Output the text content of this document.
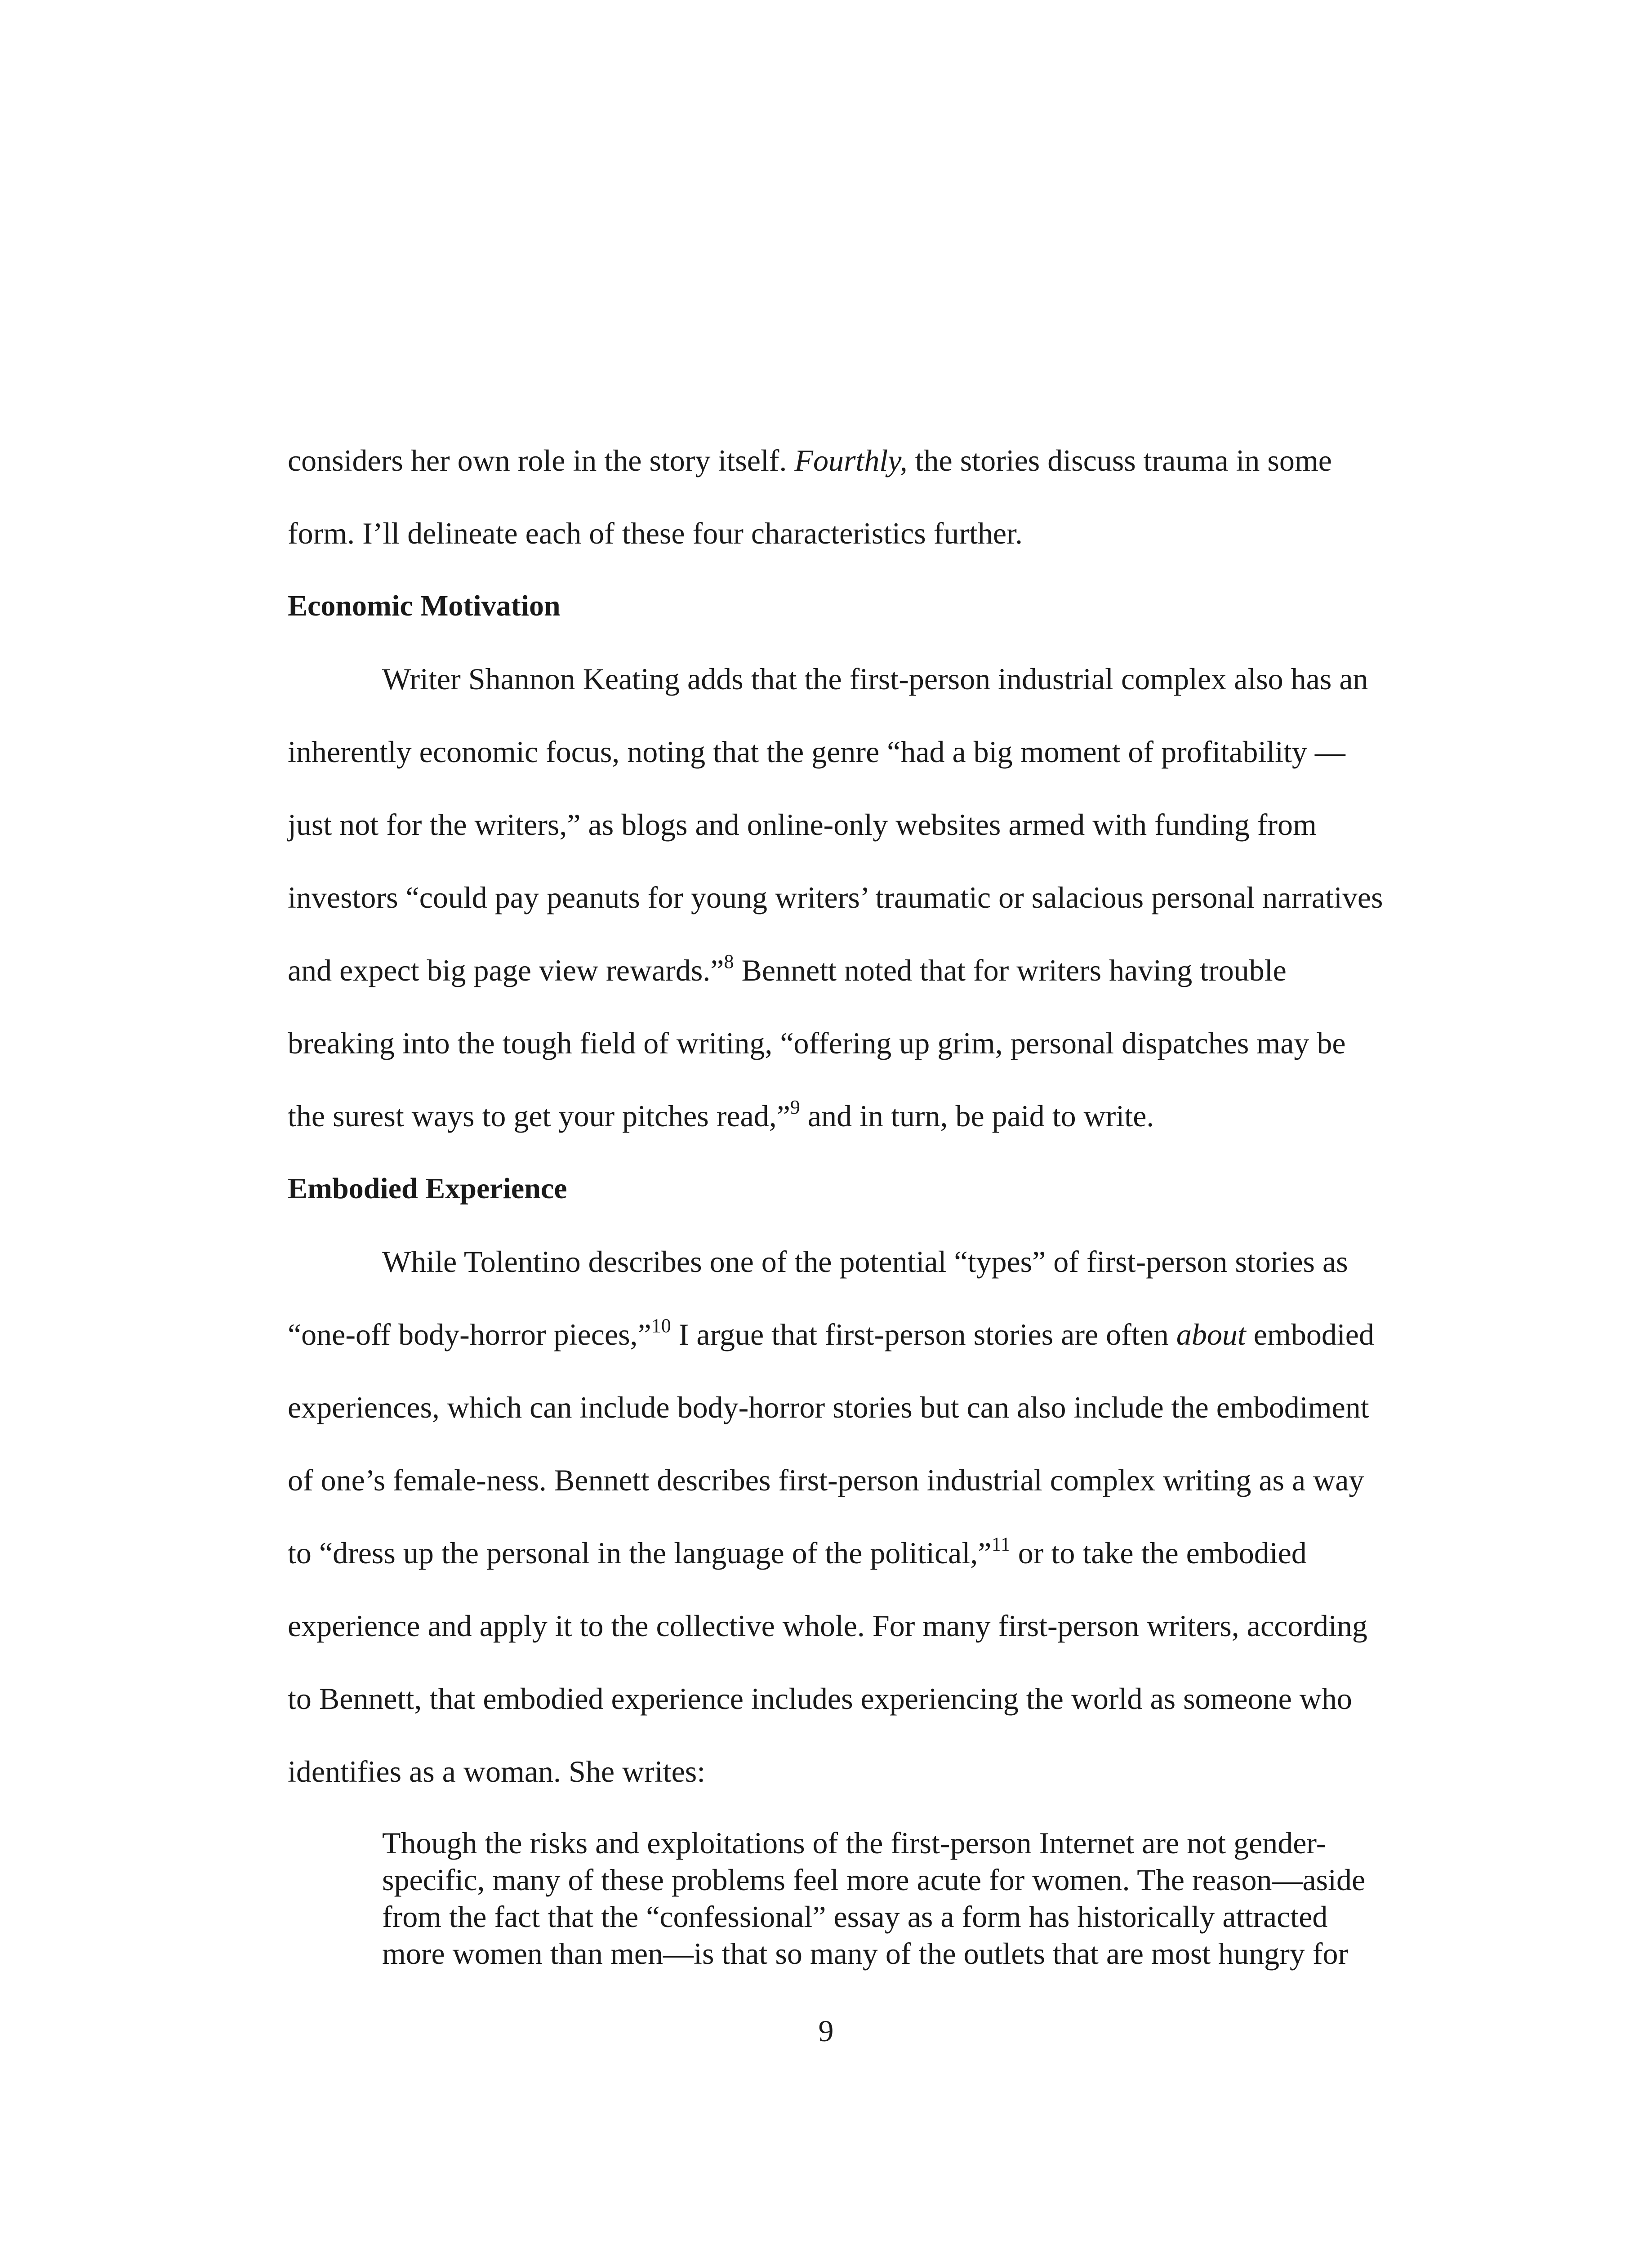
considers her own role in the story itself. Fourthly, the stories discuss trauma in some
form. I’ll delineate each of these four characteristics further.
Economic Motivation
Writer Shannon Keating adds that the first-person industrial complex also has an
inherently economic focus, noting that the genre “had a big moment of profitability —
just not for the writers,” as blogs and online-only websites armed with funding from
investors “could pay peanuts for young writers’ traumatic or salacious personal narratives
and expect big page view rewards.”$^8$ Bennett noted that for writers having trouble
breaking into the tough field of writing, “offering up grim, personal dispatches may be
the surest ways to get your pitches read,”$^9$ and in turn, be paid to write.
Embodied Experience
While Tolentino describes one of the potential “types” of first-person stories as
“one-off body-horror pieces,”$^{10}$ I argue that first-person stories are often about embodied
experiences, which can include body-horror stories but can also include the embodiment
of one’s female-ness. Bennett describes first-person industrial complex writing as a way
to “dress up the personal in the language of the political,”$^{11}$ or to take the embodied
experience and apply it to the collective whole. For many first-person writers, according
to Bennett, that embodied experience includes experiencing the world as someone who
identifies as a woman. She writes:
Though the risks and exploitations of the first-person Internet are not gender-
specific, many of these problems feel more acute for women. The reason—aside
from the fact that the “confessional” essay as a form has historically attracted
more women than men—is that so many of the outlets that are most hungry for
9
